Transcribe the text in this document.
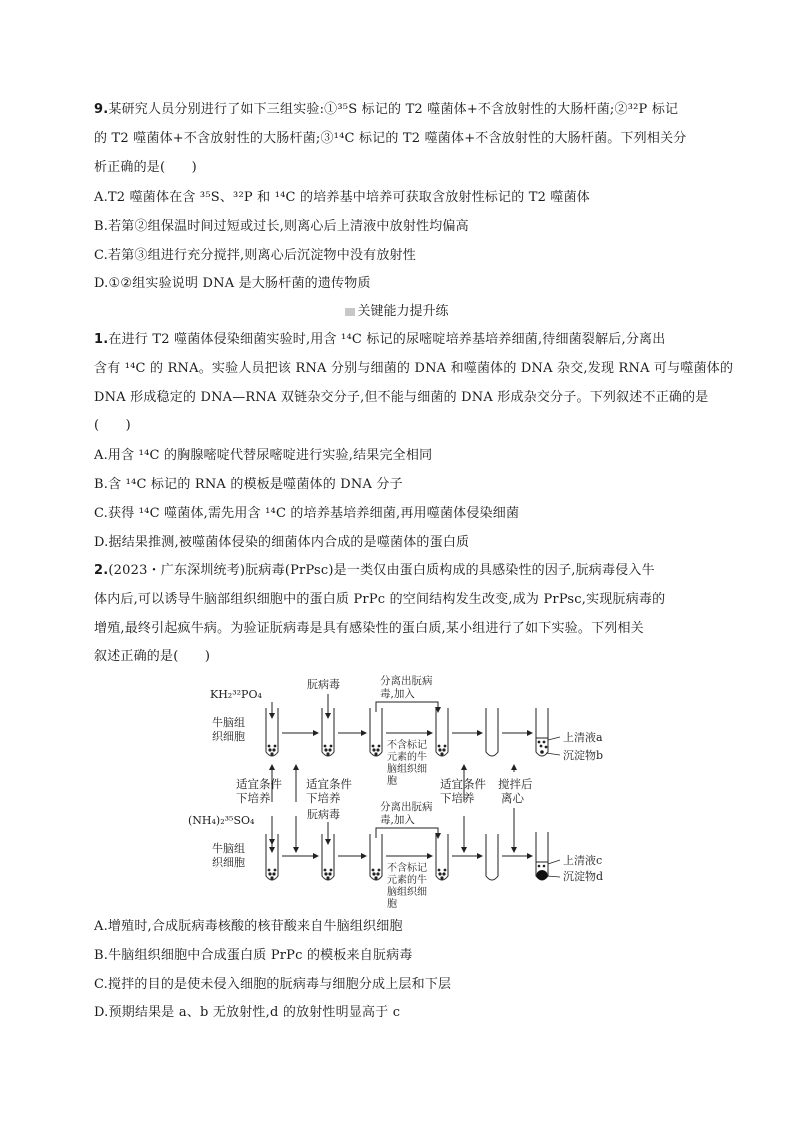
9.某研究人员分别进行了如下三组实验:①³⁵S 标记的 T2 噬菌体+不含放射性的大肠杆菌;②³²P 标记
的 T2 噬菌体+不含放射性的大肠杆菌;③¹⁴C 标记的 T2 噬菌体+不含放射性的大肠杆菌。下列相关分
析正确的是(　　)
A.T2 噬菌体在含 ³⁵S、³²P 和 ¹⁴C 的培养基中培养可获取含放射性标记的 T2 噬菌体
B.若第②组保温时间过短或过长,则离心后上清液中放射性均偏高
C.若第③组进行充分搅拌,则离心后沉淀物中没有放射性
D.①②组实验说明 DNA 是大肠杆菌的遗传物质
关键能力提升练
1.在进行 T2 噬菌体侵染细菌实验时,用含 ¹⁴C 标记的尿嘧啶培养基培养细菌,待细菌裂解后,分离出
含有 ¹⁴C 的 RNA。实验人员把该 RNA 分别与细菌的 DNA 和噬菌体的 DNA 杂交,发现 RNA 可与噬菌体的
DNA 形成稳定的 DNA—RNA 双链杂交分子,但不能与细菌的 DNA 形成杂交分子。下列叙述不正确的是
(　　)
A.用含 ¹⁴C 的胸腺嘧啶代替尿嘧啶进行实验,结果完全相同
B.含 ¹⁴C 标记的 RNA 的模板是噬菌体的 DNA 分子
C.获得 ¹⁴C 噬菌体,需先用含 ¹⁴C 的培养基培养细菌,再用噬菌体侵染细菌
D.据结果推测,被噬菌体侵染的细菌体内合成的是噬菌体的蛋白质
2.(2023・广东深圳统考)朊病毒(PrPsc)是一类仅由蛋白质构成的具感染性的因子,朊病毒侵入牛
体内后,可以诱导牛脑部组织细胞中的蛋白质 PrPc 的空间结构发生改变,成为 PrPsc,实现朊病毒的
增殖,最终引起疯牛病。为验证朊病毒是具有感染性的蛋白质,某小组进行了如下实验。下列相关
叙述正确的是(　　)
KH₂³²PO₄
牛脑组
织细胞
朊病毒	分离出朊病
毒,加入
不含标记
元素的牛
脑组织细
胞
上清液a
沉淀物b
适宜条件
下培养
适宜条件
下培养
适宜条件
下培养
搅拌后
离心
(NH₄)₂³⁵SO₄
牛脑组
织细胞
朊病毒
分离出朊病
毒,加入
不含标记
元素的牛
脑组织细
胞
上清液c
沉淀物d
A.增殖时,合成朊病毒核酸的核苷酸来自牛脑组织细胞
B.牛脑组织细胞中合成蛋白质 PrPc 的模板来自朊病毒
C.搅拌的目的是使未侵入细胞的朊病毒与细胞分成上层和下层
D.预期结果是 a、b 无放射性,d 的放射性明显高于 c
